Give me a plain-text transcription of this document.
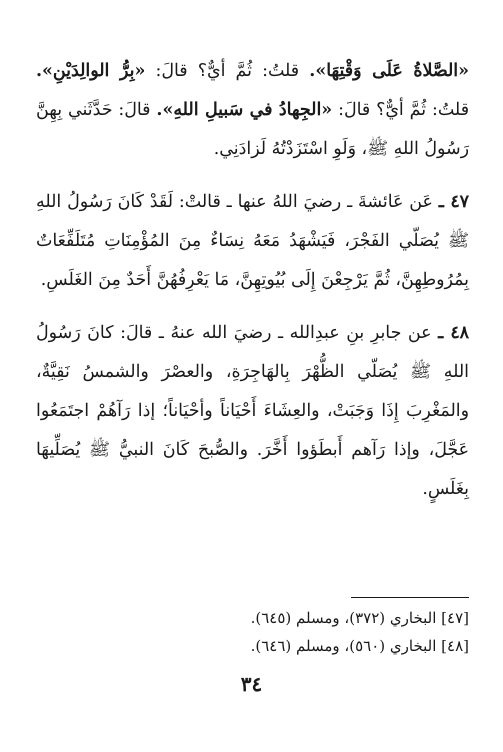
«الصَّلاةُ عَلَى وَقْتِهَا». قلتُ: ثُمَّ أيٌّ؟ قالَ: «بِرُّ الوالِدَيْنِ». قلتُ: ثُمَّ أيٌّ؟ قالَ: «الجِهادُ في سَبيلِ اللهِ». قالَ: حَدَّثَني بِهِنَّ رَسُولُ اللهِ ﷺ، وَلَوِ اسْتَزَدْتُهُ لَزادَنِي.

٤٧ ـ عَن عَائشةَ ـ رضيَ اللهُ عنها ـ قالتْ: لَقَدْ كَانَ رَسُولُ اللهِ ﷺ يُصَلّي الفَجْرَ، فَيَشْهَدُ مَعَهُ نِسَاءٌ مِنَ المُؤْمِنَاتِ مُتَلَفِّعَاتٌ بِمُرُوطِهِنَّ، ثُمَّ يَرْجِعْنَ إِلَى بُيُوتِهِنَّ، مَا يَعْرِفُهُنَّ أَحَدٌ مِنَ الغَلَسِ.

٤٨ ـ عن جابرِ بنِ عبدِالله ـ رضيَ الله عنهُ ـ قالَ: كانَ رَسُولُ اللهِ ﷺ يُصَلّي الظُّهْرَ بِالهَاجِرَةِ، والعصْرَ والشمسُ نَقِيَّةٌ، والمَغْرِبَ إِذَا وَجَبَتْ، والعِشَاءَ أَحْيَاناً وأحْيَاناً؛ إذا رَآهُمْ اجتَمَعُوا عَجَّلَ، وإذا رَآهم أَبطَؤوا أَخَّرَ. والصُّبحَ كَانَ النبيُّ ﷺ يُصَلِّيهَا بِغَلَسٍ.

[٤٧] البخاري (٣٧٢)، ومسلم (٦٤٥).
[٤٨] البخاري (٥٦٠)، ومسلم (٦٤٦).
٣٤
